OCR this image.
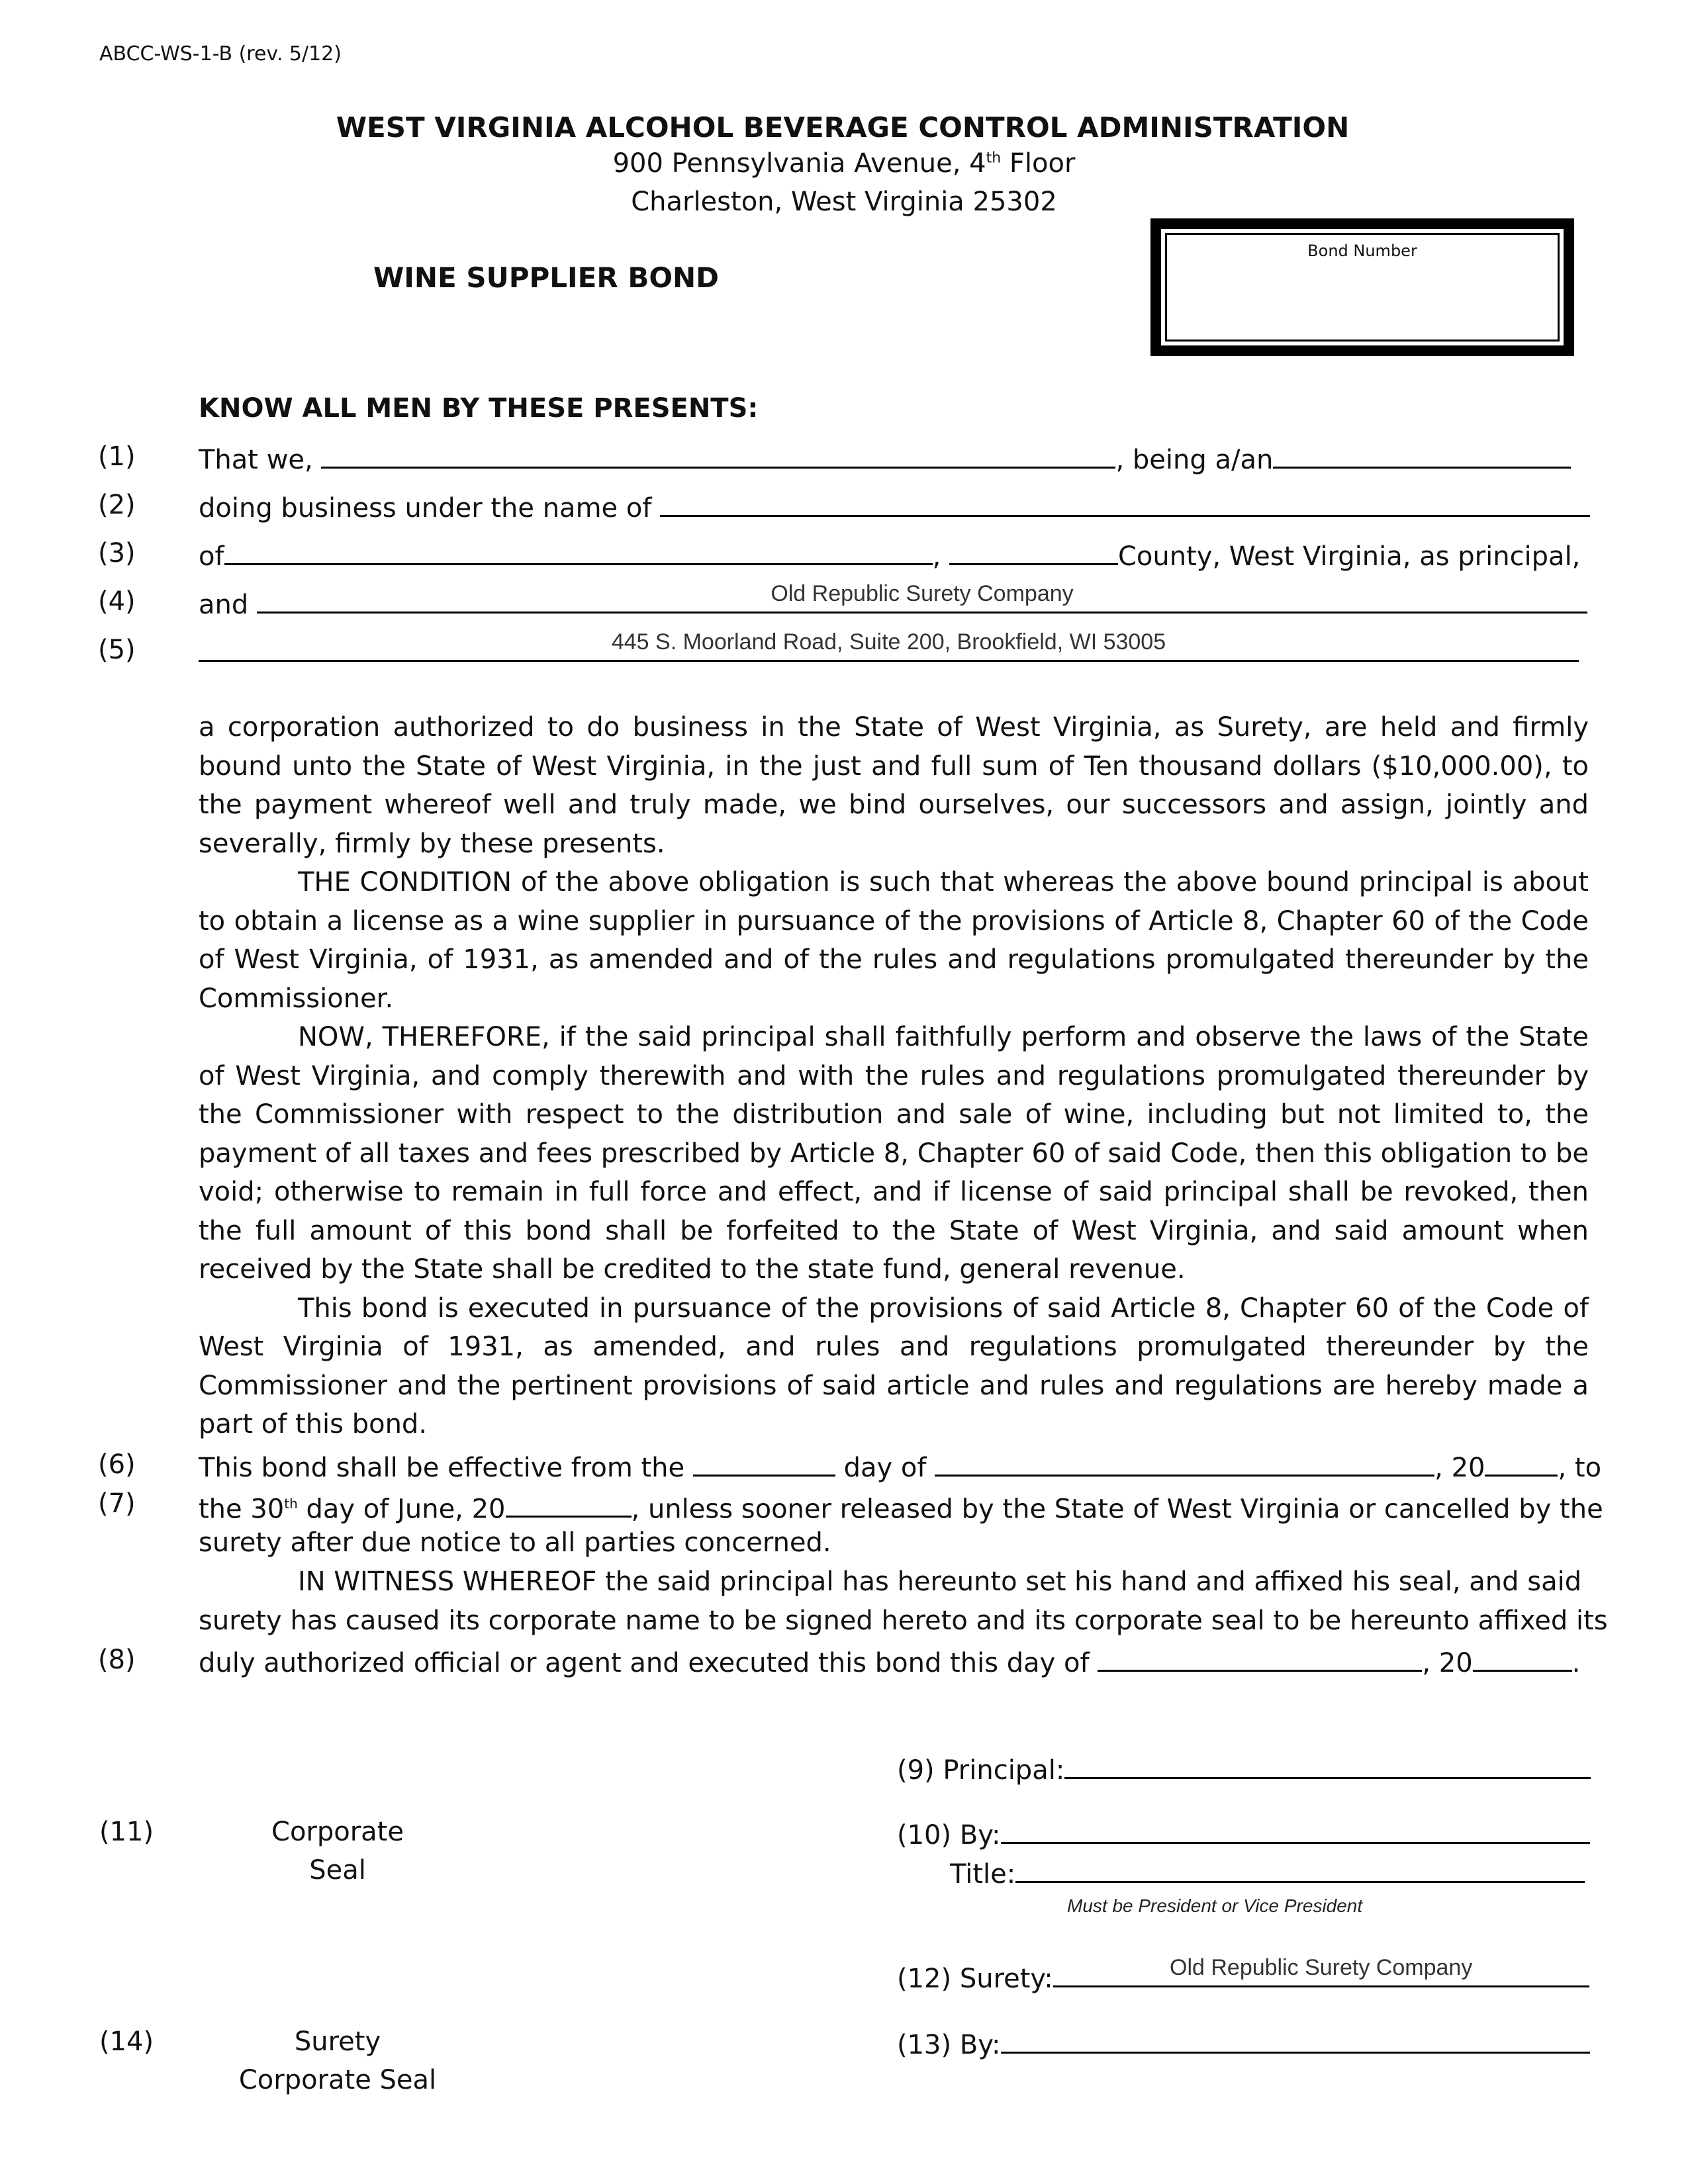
ABCC-WS-1-B (rev. 5/12)
WEST VIRGINIA ALCOHOL BEVERAGE CONTROL ADMINISTRATION
900 Pennsylvania Avenue, 4th Floor
Charleston, West Virginia 25302
WINE SUPPLIER BOND
Bond Number
KNOW ALL MEN BY THESE PRESENTS:
(1) That we,	, being a/an
(2) doing business under the name of
(3) of	,	County, West Virginia, as principal,
(4) and	Old Republic Surety Company
(5)	445 S. Moorland Road, Suite 200, Brookfield, WI 53005

a corporation authorized to do business in the State of West Virginia, as Surety, are held and firmly bound unto the State of West Virginia, in the just and full sum of Ten thousand dollars ($10,000.00), to the payment whereof well and truly made, we bind ourselves, our successors and assign, jointly and severally, firmly by these presents.

THE CONDITION of the above obligation is such that whereas the above bound principal is about to obtain a license as a wine supplier in pursuance of the provisions of Article 8, Chapter 60 of the Code of West Virginia, of 1931, as amended and of the rules and regulations promulgated thereunder by the Commissioner.

NOW, THEREFORE, if the said principal shall faithfully perform and observe the laws of the State of West Virginia, and comply therewith and with the rules and regulations promulgated thereunder by the Commissioner with respect to the distribution and sale of wine, including but not limited to, the payment of all taxes and fees prescribed by Article 8, Chapter 60 of said Code, then this obligation to be void; otherwise to remain in full force and effect, and if license of said principal shall be revoked, then the full amount of this bond shall be forfeited to the State of West Virginia, and said amount when received by the State shall be credited to the state fund, general revenue.

This bond is executed in pursuance of the provisions of said Article 8, Chapter 60 of the Code of West Virginia of 1931, as amended, and rules and regulations promulgated thereunder by the Commissioner and the pertinent provisions of said article and rules and regulations are hereby made a part of this bond.

(6) This bond shall be effective from the	day of	, 20	, to
(7) the 30th day of June, 20	, unless sooner released by the State of West Virginia or cancelled by the
surety after due notice to all parties concerned.
IN WITNESS WHEREOF the said principal has hereunto set his hand and affixed his seal, and said
surety has caused its corporate name to be signed hereto and its corporate seal to be hereunto affixed its
(8) duly authorized official or agent and executed this bond this day of	, 20	.
(9) Principal:
(11)	Corporate
Seal
(10) By:
Title:
Must be President or Vice President
(12) Surety:	Old Republic Surety Company
(14)	Surety
Corporate Seal
(13) By:
